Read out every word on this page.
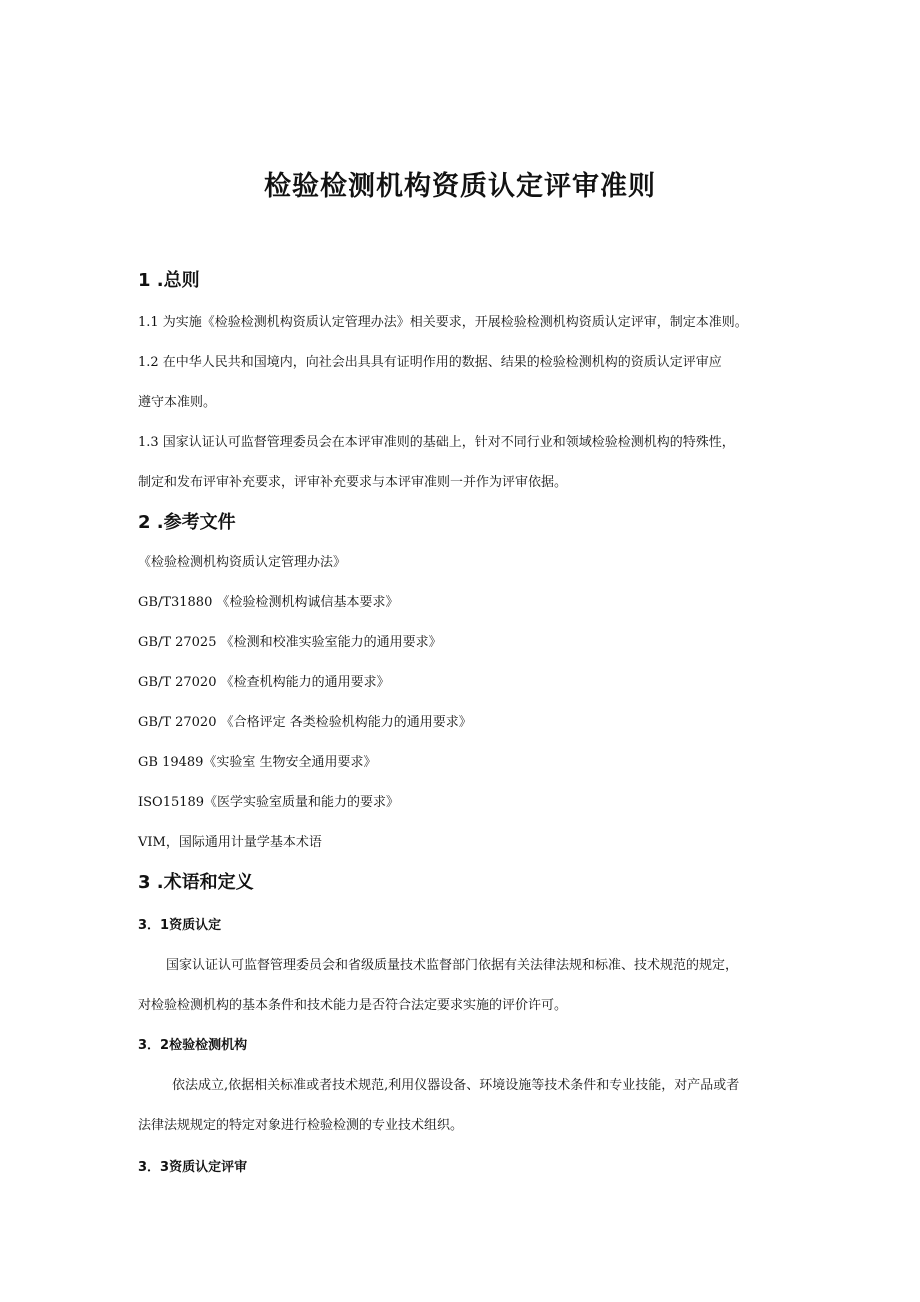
检验检测机构资质认定评审准则
1 .总则

1.1 为实施《检验检测机构资质认定管理办法》相关要求，开展检验检测机构资质认定评审，制定本准则。

1.2 在中华人民共和国境内，向社会出具具有证明作用的数据、结果的检验检测机构的资质认定评审应

遵守本准则。

1.3 国家认证认可监督管理委员会在本评审准则的基础上，针对不同行业和领域检验检测机构的特殊性，

制定和发布评审补充要求，评审补充要求与本评审准则一并作为评审依据。

2 .参考文件

《检验检测机构资质认定管理办法》

GB/T31880 《检验检测机构诚信基本要求》

GB/T 27025 《检测和校准实验室能力的通用要求》

GB/T 27020 《检查机构能力的通用要求》

GB/T 27020 《合格评定 各类检验机构能力的通用要求》

GB 19489《实验室 生物安全通用要求》

ISO15189《医学实验室质量和能力的要求》

VIM，国际通用计量学基本术语

3 .术语和定义
3．1资质认定

国家认证认可监督管理委员会和省级质量技术监督部门依据有关法律法规和标准、技术规范的规定，

对检验检测机构的基本条件和技术能力是否符合法定要求实施的评价许可。

3．2检验检测机构

依法成立,依据相关标准或者技术规范,利用仪器设备、环境设施等技术条件和专业技能，对产品或者

法律法规规定的特定对象进行检验检测的专业技术组织。

3．3资质认定评审
